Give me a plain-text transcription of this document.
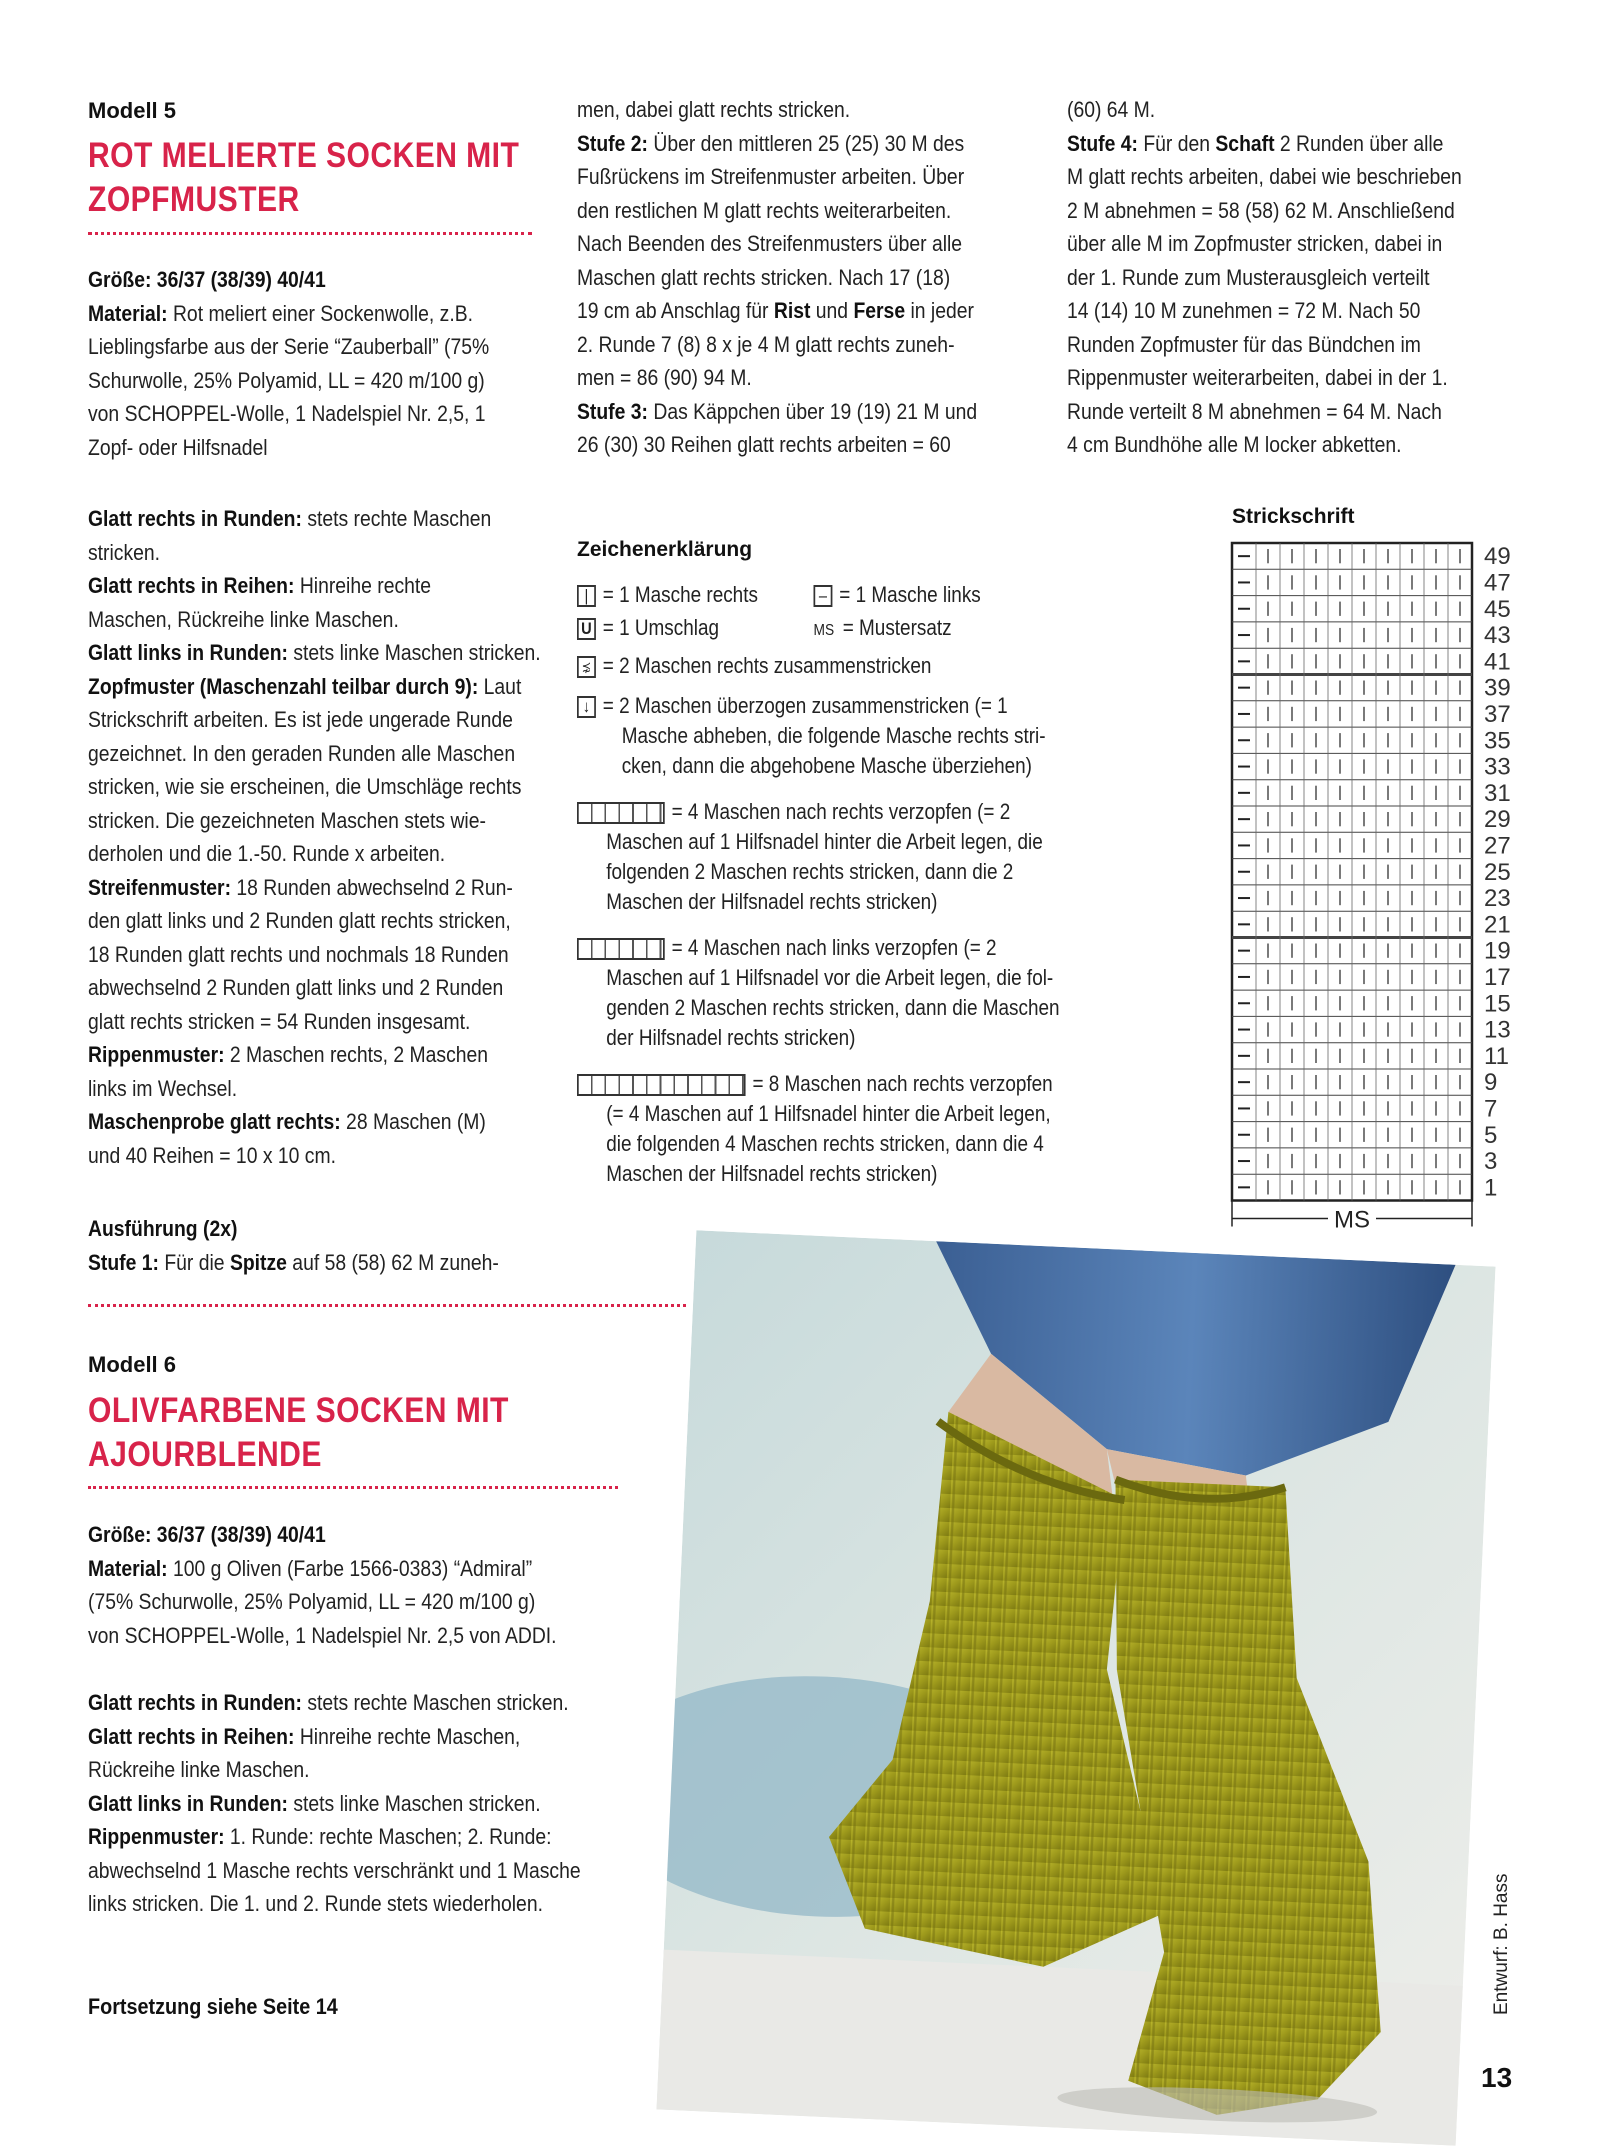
Modell 5
ROT MELIERTE SOCKEN MIT
ZOPFMUSTER
Größe: 36/37 (38/39) 40/41
Material: Rot meliert einer Sockenwolle, z.B.
Lieblingsfarbe aus der Serie “Zauberball” (75%
Schurwolle, 25% Polyamid, LL = 420 m/100 g)
von SCHOPPEL-Wolle, 1 Nadelspiel Nr. 2,5, 1
Zopf- oder Hilfsnadel
Glatt rechts in Runden: stets rechte Maschen
stricken.
Glatt rechts in Reihen: Hinreihe rechte
Maschen, Rückreihe linke Maschen.
Glatt links in Runden: stets linke Maschen stricken.
Zopfmuster (Maschenzahl teilbar durch 9): Laut
Strickschrift arbeiten. Es ist jede ungerade Runde
gezeichnet. In den geraden Runden alle Maschen
stricken, wie sie erscheinen, die Umschläge rechts
stricken. Die gezeichneten Maschen stets wie-
derholen und die 1.-50. Runde x arbeiten.
Streifenmuster: 18 Runden abwechselnd 2 Run-
den glatt links und 2 Runden glatt rechts stricken,
18 Runden glatt rechts und nochmals 18 Runden
abwechselnd 2 Runden glatt links und 2 Runden
glatt rechts stricken = 54 Runden insgesamt.
Rippenmuster: 2 Maschen rechts, 2 Maschen
links im Wechsel.
Maschenprobe glatt rechts: 28 Maschen (M)
und 40 Reihen = 10 x 10 cm.
Ausführung (2x)
Stufe 1: Für die Spitze auf 58 (58) 62 M zuneh-
men, dabei glatt rechts stricken.
Stufe 2: Über den mittleren 25 (25) 30 M des
Fußrückens im Streifenmuster arbeiten. Über
den restlichen M glatt rechts weiterarbeiten.
Nach Beenden des Streifenmusters über alle
Maschen glatt rechts stricken. Nach 17 (18)
19 cm ab Anschlag für Rist und Ferse in jeder
2. Runde 7 (8) 8 x je 4 M glatt rechts zuneh-
men = 86 (90) 94 M.
Stufe 3: Das Käppchen über 19 (19) 21 M und
26 (30) 30 Reihen glatt rechts arbeiten = 60
(60) 64 M.
Stufe 4: Für den Schaft 2 Runden über alle
M glatt rechts arbeiten, dabei wie beschrieben
2 M abnehmen = 58 (58) 62 M. Anschließend
über alle M im Zopfmuster stricken, dabei in
der 1. Runde zum Musterausgleich verteilt
14 (14) 10 M zunehmen = 72 M. Nach 50
Runden Zopfmuster für das Bündchen im
Rippenmuster weiterarbeiten, dabei in der 1.
Runde verteilt 8 M abnehmen = 64 M. Nach
4 cm Bundhöhe alle M locker abketten.
Zeichenerklärung
| = 1 Masche rechts	– = 1 Masche links
U = 1 Umschlag	MS = Mustersatz
⋨ = 2 Maschen rechts zusammenstricken
↓ = 2 Maschen überzogen zusammenstricken (= 1
Masche abheben, die folgende Masche rechts stri-
cken, dann die abgehobene Masche überziehen)
= 4 Maschen nach rechts verzopfen (= 2
Maschen auf 1 Hilfsnadel hinter die Arbeit legen, die
folgenden 2 Maschen rechts stricken, dann die 2
Maschen der Hilfsnadel rechts stricken)
= 4 Maschen nach links verzopfen (= 2
Maschen auf 1 Hilfsnadel vor die Arbeit legen, die fol-
genden 2 Maschen rechts stricken, dann die Maschen
der Hilfsnadel rechts stricken)
= 8 Maschen nach rechts verzopfen
(= 4 Maschen auf 1 Hilfsnadel hinter die Arbeit legen,
die folgenden 4 Maschen rechts stricken, dann die 4
Maschen der Hilfsnadel rechts stricken)
Strickschrift
49
47
45
43
41
39
37
35
33
31
29
27
25
23
21
19
17
15
13
11
9
7
5
3
1
MS
Modell 6
OLIVFARBENE SOCKEN MIT
AJOURBLENDE
Größe: 36/37 (38/39) 40/41
Material: 100 g Oliven (Farbe 1566-0383) “Admiral”
(75% Schurwolle, 25% Polyamid, LL = 420 m/100 g)
von SCHOPPEL-Wolle, 1 Nadelspiel Nr. 2,5 von ADDI.
Glatt rechts in Runden: stets rechte Maschen stricken.
Glatt rechts in Reihen: Hinreihe rechte Maschen,
Rückreihe linke Maschen.
Glatt links in Runden: stets linke Maschen stricken.
Rippenmuster: 1. Runde: rechte Maschen; 2. Runde:
abwechselnd 1 Masche rechts verschränkt und 1 Masche
links stricken. Die 1. und 2. Runde stets wiederholen.
Fortsetzung siehe Seite 14	Entwurf: B. Hass
13
